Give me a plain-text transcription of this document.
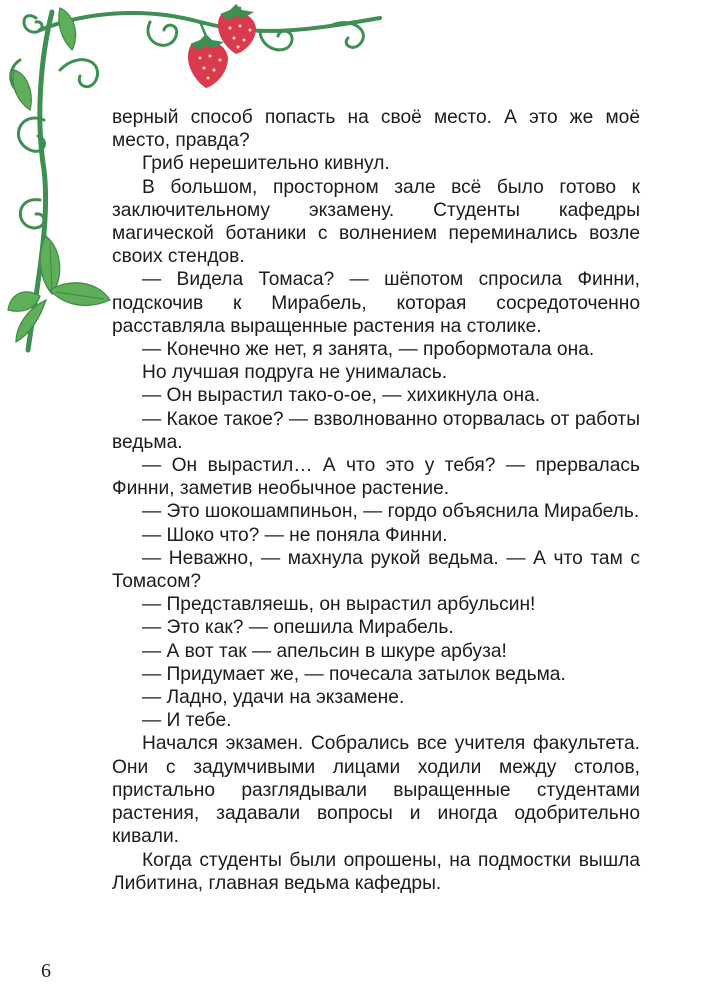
верный способ попасть на своё место. А это же моё место, правда?

Гриб нерешительно кивнул.

В большом, просторном зале всё было готово к заключительному экзамену. Студенты кафедры магической ботаники с волнением переминались возле своих стендов.

— Видела Томаса? — шёпотом спросила Финни, подскочив к Мирабель, которая сосредоточенно расставляла выращенные растения на столике.

— Конечно же нет, я занята, — пробормотала она.

Но лучшая подруга не унималась.

— Он вырастил тако-о-ое, — хихикнула она.

— Какое такое? — взволнованно оторвалась от работы ведьма.

— Он вырастил… А что это у тебя? — прервалась Финни, заметив необычное растение.

— Это шокошампиньон, — гордо объяснила Мирабель.

— Шоко что? — не поняла Финни.

— Неважно, — махнула рукой ведьма. — А что там с Томасом?

— Представляешь, он вырастил арбульсин!

— Это как? — опешила Мирабель.

— А вот так — апельсин в шкуре арбуза!

— Придумает же, — почесала затылок ведьма.

— Ладно, удачи на экзамене.

— И тебе.

Начался экзамен. Собрались все учителя факультета. Они с задумчивыми лицами ходили между столов, пристально разглядывали выращенные студентами растения, задавали вопросы и иногда одобрительно кивали.

Когда студенты были опрошены, на подмостки вышла Либитина, главная ведьма кафедры.

6
